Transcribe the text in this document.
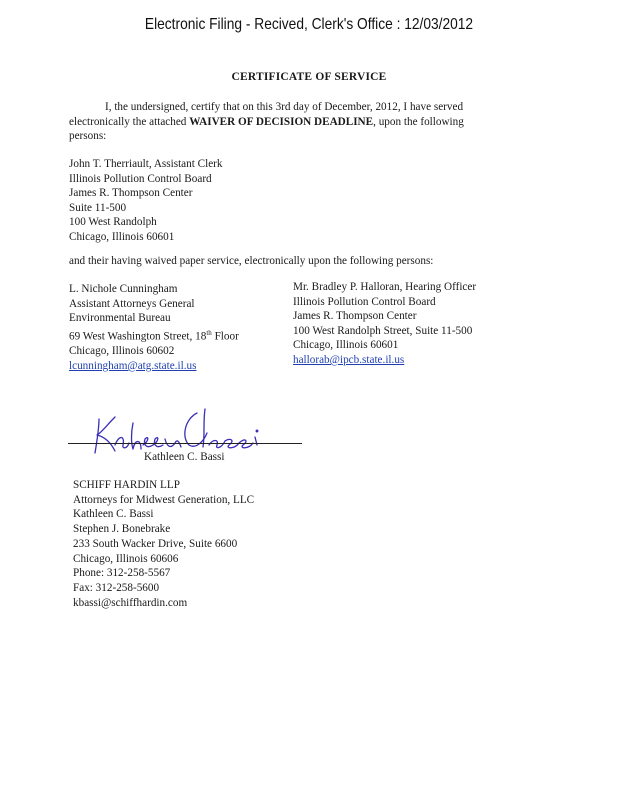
Electronic Filing - Recived, Clerk's Office : 12/03/2012
CERTIFICATE OF SERVICE
I, the undersigned, certify that on this 3rd day of December, 2012, I have served
electronically the attached WAIVER OF DECISION DEADLINE, upon the following
persons:
John T. Therriault, Assistant Clerk
Illinois Pollution Control Board
James R. Thompson Center
Suite 11-500
100 West Randolph
Chicago, Illinois 60601
and their having waived paper service, electronically upon the following persons:
L. Nichole Cunningham
Assistant Attorneys General
Environmental Bureau
69 West Washington Street, 18th Floor
Chicago, Illinois 60602
lcunningham@atg.state.il.us
Mr. Bradley P. Halloran, Hearing Officer
Illinois Pollution Control Board
James R. Thompson Center
100 West Randolph Street, Suite 11-500
Chicago, Illinois 60601
hallorab@ipcb.state.il.us
Kathleen C. Bassi
SCHIFF HARDIN LLP
Attorneys for Midwest Generation, LLC
Kathleen C. Bassi
Stephen J. Bonebrake
233 South Wacker Drive, Suite 6600
Chicago, Illinois 60606
Phone: 312-258-5567
Fax: 312-258-5600
kbassi@schiffhardin.com
